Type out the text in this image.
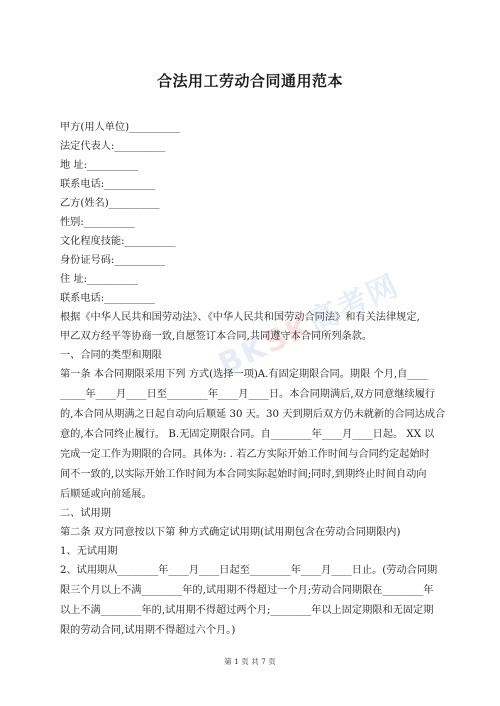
合法用工劳动合同通用范本
甲方(用人单位)__________
法定代表人:__________
地 址:__________
联系电话:__________
乙方(姓名)__________
性别:__________
文化程度技能:__________
身份证号码:__________
住 址:__________
联系电话:__________
根据《中华人民共和国劳动法》、《中华人民共和国劳动合同法》和有关法律规定,
甲乙双方经平等协商一致,自愿签订本合同,共同遵守本合同所列条款。
一、合同的类型和期限
第一条 本合同期限采用下列 方式(选择一项)A.有固定期限合同。期限 个月,自____
_____年____月____日至________年____月____日。本合同期满后,双方同意继续履行
的,本合同从期满之日起自动向后顺延 30 天。30 天到期后双方仍未就新的合同达成合
意的,本合同终止履行。 B.无固定期限合同。自________年____月____日起。 XX 以
完成一定工作为期限的合同。具体为: . 若乙方实际开始工作时间与合同约定起始时
间不一致的,以实际开始工作时间为本合同实际起始时间;同时,到期终止时间自动向
后顺延或向前延展。
二、试用期
第二条 双方同意按以下第 种方式确定试用期(试用期包含在劳动合同期限内)
1、无试用期
2、试用期从________年____月____日起至________年____月____日止。(劳动合同期
限三个月以上不满________年的,试用期不得超过一个月;劳动合同期限在________年
以上不满________年的,试用期不得超过两个月;________年以上固定期限和无固定期
限的劳动合同,试用期不得超过六个月。)
BKSK高考网
第 1 页 共 7 页
